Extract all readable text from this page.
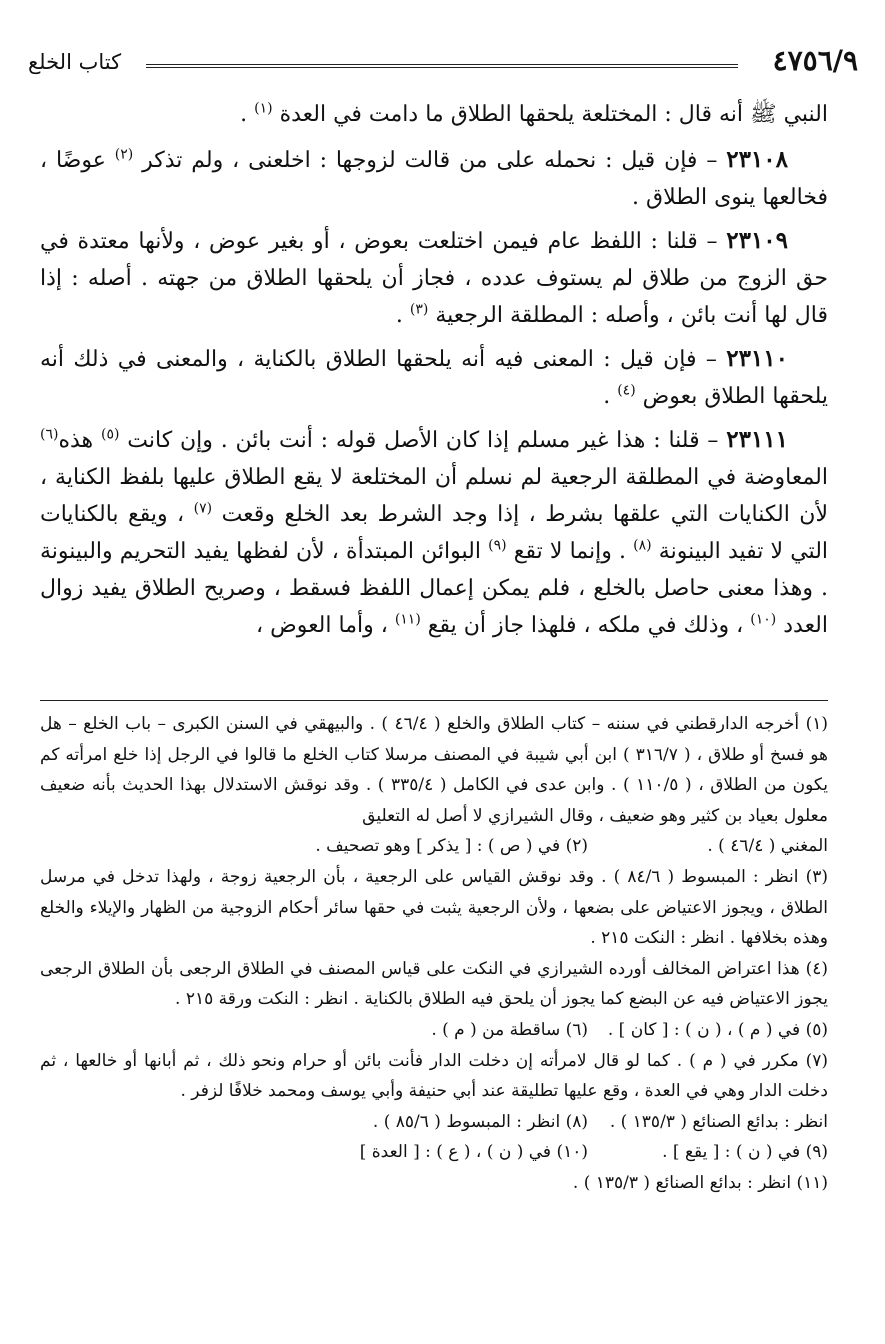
٤٧٥٦/٩
كتاب الخلع

النبي ﷺ أنه قال : المختلعة يلحقها الطلاق ما دامت في العدة $^{(١)}$ .

٢٣١٠٨ – فإن قيل : نحمله على من قالت لزوجها : اخلعنى ، ولم تذكر $^{(٢)}$ عوضًا ، فخالعها ينوى الطلاق .

٢٣١٠٩ – قلنا : اللفظ عام فيمن اختلعت بعوض ، أو بغير عوض ، ولأنها معتدة في حق الزوج من طلاق لم يستوف عدده ، فجاز أن يلحقها الطلاق من جهته . أصله : إذا قال لها أنت بائن ، وأصله : المطلقة الرجعية $^{(٣)}$ .

٢٣١١٠ – فإن قيل : المعنى فيه أنه يلحقها الطلاق بالكناية ، والمعنى في ذلك أنه يلحقها الطلاق بعوض $^{(٤)}$ .

٢٣١١١ – قلنا : هذا غير مسلم إذا كان الأصل قوله : أنت بائن . وإن كانت $^{(٥)}$ هذه$^{(٦)}$ المعاوضة في المطلقة الرجعية لم نسلم أن المختلعة لا يقع الطلاق عليها بلفظ الكناية ، لأن الكنايات التي علقها بشرط ، إذا وجد الشرط بعد الخلع وقعت $^{(٧)}$ ، ويقع بالكنايات التي لا تفيد البينونة $^{(٨)}$ . وإنما لا تقع $^{(٩)}$ البوائن المبتدأة ، لأن لفظها يفيد التحريم والبينونة . وهذا معنى حاصل بالخلع ، فلم يمكن إعمال اللفظ فسقط ، وصريح الطلاق يفيد زوال العدد $^{(١٠)}$ ، وذلك في ملكه ، فلهذا جاز أن يقع $^{(١١)}$ ، وأما العوض ،

(١) أخرجه الدارقطني في سننه – كتاب الطلاق والخلع ( ٤٦/٤ ) . والبيهقي في السنن الكبرى – باب الخلع – هل هو فسخ أو طلاق ، ( ٣١٦/٧ ) ابن أبي شيبة في المصنف مرسلا كتاب الخلع ما قالوا في الرجل إذا خلع امرأته كم يكون من الطلاق ، ( ١١٠/٥ ) . وابن عدى في الكامل ( ٣٣٥/٤ ) . وقد نوقش الاستدلال بهذا الحديث بأنه ضعيف معلول بعياد بن كثير وهو ضعيف ، وقال الشيرازي لا أصل له التعليق

المغني ( ٤٦/٤ ) .
(٢) في ( ص ) : [ يذكر ] وهو تصحيف .

(٣) انظر : المبسوط ( ٨٤/٦ ) . وقد نوقش القياس على الرجعية ، بأن الرجعية زوجة ، ولهذا تدخل في مرسل الطلاق ، ويجوز الاعتياض على بضعها ، ولأن الرجعية يثبت في حقها سائر أحكام الزوجية من الظهار والإيلاء والخلع وهذه بخلافها . انظر : النكت ٢١٥ .

(٤) هذا اعتراض المخالف أورده الشيرازي في النكت على قياس المصنف في الطلاق الرجعى بأن الطلاق الرجعى يجوز الاعتياض فيه عن البضع كما يجوز أن يلحق فيه الطلاق بالكناية . انظر : النكت ورقة ٢١٥ .

(٥) في ( م ) ، ( ن ) : [ كان ] .
(٦) ساقطة من ( م ) .

(٧) مكرر في ( م ) . كما لو قال لامرأته إن دخلت الدار فأنت بائن أو حرام ونحو ذلك ، ثم أبانها أو خالعها ، ثم دخلت الدار وهي في العدة ، وقع عليها تطليقة عند أبي حنيفة وأبي يوسف ومحمد خلافًا لزفر .

انظر : بدائع الصنائع ( ١٣٥/٣ ) .
(٨) انظر : المبسوط ( ٨٥/٦ ) .
(٩) في ( ن ) : [ يقع ] .
(١٠) في ( ن ) ، ( ع ) : [ العدة ]

(١١) انظر : بدائع الصنائع ( ١٣٥/٣ ) .
